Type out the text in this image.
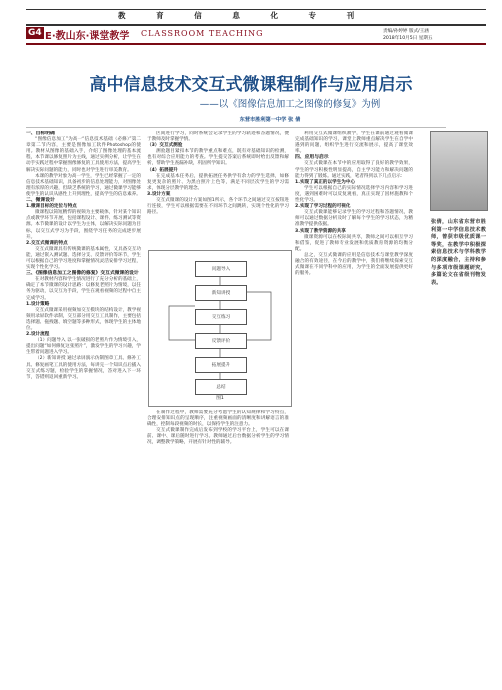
教 育 信 息 化 专 刊
G4 E·教山东·课堂教学 CLASSROOM TEACHING	责编/孙婷婷 版式/王涵
2018年10月5日 星期五
高中信息技术交互式微课程制作与应用启示
——以《图像信息加工之图像的修复》为例
东营市胜利第一中学 张 倩

一、目标明确

“图像信息加工”为高一“信息技术基础（必修）”第二章第二节内容，主要是图像加工软件Photoshop的使用。教材从图像的基础入手，介绍了图像处理的基本流程，本节课以修复照片为主线，通过实例分析，让学生在动手实践过程中掌握图像修复的工具使用方法，提高学生解决实际问题的能力，同时也对学生进行审美教育。

本课的教学对象为高一学生，学生已经掌握了一定的信息技术基础知识，具备初步的信息处理能力，对图像处理有浓厚的兴趣，但缺乏系统的学习，通过微课学习能够使学生的认识从感性上升到理性，提高学生的信息素养。

二、微课设计

1.微课目标的定位与特点

微课程以简短精悍的视频为主要载体，针对某个知识点或教学环节开展，包括课程设计、课件、练习测试等资源。本节微课的设计以学生为主体，以解决实际问题为目标，以交互式学习为手段，围绕学习任务的完成逐步展开。

2.交互式微课的特点

交互式微课具有传统微课的基本属性，又具备交互功能，通过嵌入测试题、选择分支、反馈评价等环节，学生可以根据自己的学习进度和掌握情况灵活安排学习过程，实现个性化学习。

三、《图像信息加工之图像的修复》交互式微课的设计

在对教材内容和学生情况进行了充分分析的基础上，确定了本节微课的设计思路：以修复老照片为情境，以任务为驱动，以交互为手段，学生在观看视频的过程中自主完成学习。

1.设计策略

交互式微课采用视频加交互模块的结构设计，教学视频用录屏软件录制，交互部分用交互工具制作，主要包括选择题、拖拽题、填空题等多种形式，体现学生的主体地位。

2.设计流程

（1）问题导入 以一张破损的老照片作为情境引入，提出问题“如何修复这张照片”，激发学生的学习兴趣，学生带着问题进入学习。

（2）新知讲授 通过录屏演示仿制图章工具、修补工具、修复画笔工具的使用方法，每讲完一个知识点后插入交互式练习题，检验学生的掌握情况，答对进入下一环节，答错则返回重新学习。

区间进行学习，同时系统会记录学生的学习轨迹和答题情况，便于教师及时掌握学情。

（3）交互式测验

测验题目紧扣本节的教学重点和难点，既有对基础知识的检测，也有对综合应用能力的考查。学生提交答案后系统即时给出反馈和解析，帮助学生查漏补缺，巩固所学知识。

（4）拓展提升

在完成基本任务后，提供拓展任务供学有余力的学生选择，如修复更复杂的照片、为黑白照片上色等，满足不同层次学生的学习需求，体现分层教学的理念。

3.设计方案

交互式微课的设计方案如图1所示，各个环节之间通过交互按钮进行连接，学生可以根据需要在不同环节之间跳转，实现个性化的学习路径。

问题导入
新知讲授
交互练习
反馈评价
拓展提升
总结
图1

在制作过程中，教师需要充分考虑学生的认知规律和学习特点，合理安排知识点的呈现顺序，注重视频画面的清晰度和讲解语言的准确性，控制每段视频的时长，以保持学生的注意力。

交互式微课制作完成后发布到学校的学习平台上，学生可以在课前、课中、课后随时进行学习。教师通过后台数据分析学生的学习情况，调整教学策略，开展有针对性的辅导。

利用交互式微课组织教学，学生在课前通过观看微课完成基础知识的学习，课堂上教师重点解决学生在自学中遇到的问题，组织学生进行交流和展示，提高了课堂效率。

四、应用与启示

交互式微课在本节中的应用取得了良好的教学效果，学生的学习积极性明显提高，自主学习能力和解决问题的能力得到了锻炼。通过实践，笔者得到以下几点启示：

1.实现了真正的以学生为中心

学生可以根据自己的实际情况选择学习内容和学习进度，遇到困难时可以反复观看，真正实现了因材施教和个性化学习。

2.实现了学习过程的可视化

交互式微课能够记录学生的学习过程和答题情况，教师可以通过数据分析及时了解每个学生的学习状态，为精准教学提供依据。

3.实现了教学资源的共享

微课资源可以在校际间共享，教师之间可以相互学习和借鉴，促进了教师专业发展和优质教育资源的均衡分配。

总之，交互式微课的应用是信息技术与课堂教学深度融合的有效途径，在今后的教学中，我们将继续探索交互式微课在不同学科中的应用，为学生的全面发展提供更好的服务。

张倩，山东省东营市胜利第一中学信息技术教师，曾获市级优质课一等奖，在教学中积极探索信息技术与学科教学的深度融合，主持和参与多项市级课题研究，多篇论文在省级刊物发表。
